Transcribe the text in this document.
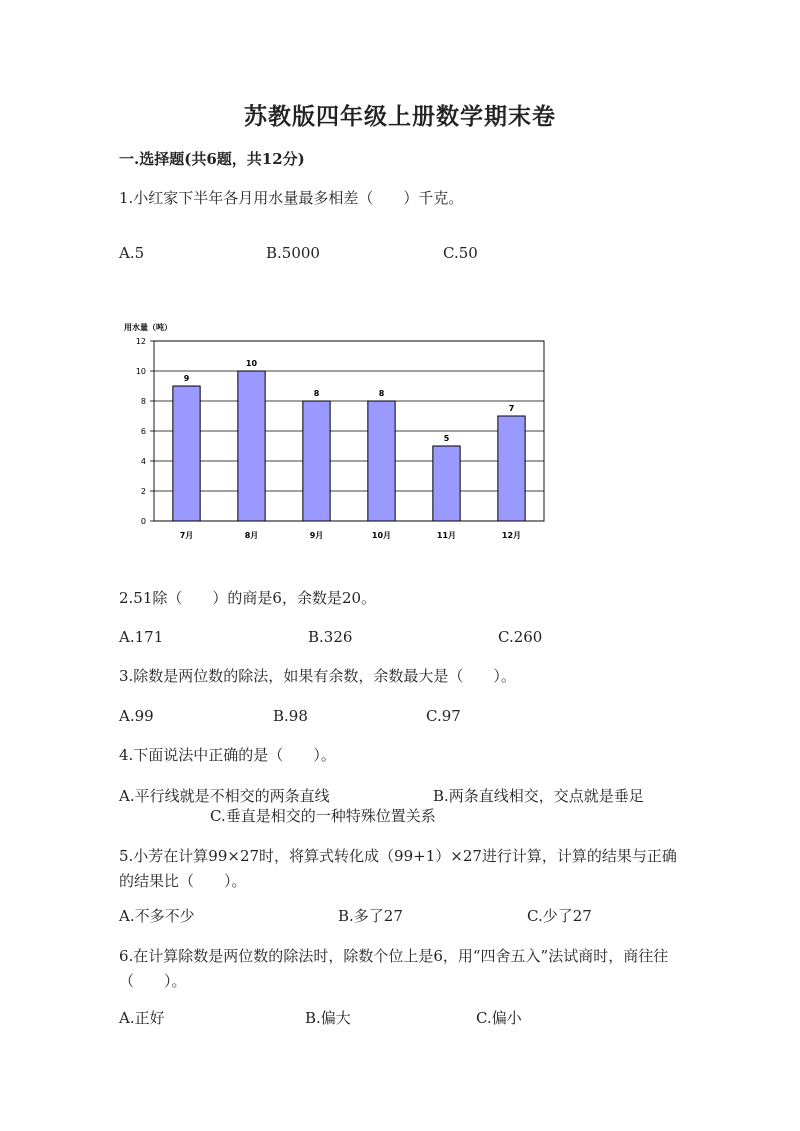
苏教版四年级上册数学期末卷
一.选择题(共6题，共12分)
1.小红家下半年各月用水量最多相差（　　）千克。
A.5	B.5000	C.50
用水量（吨）
0
2
4
6
8
10
12
9
7月
10
8月
8
9月
8
10月
5
11月
7
12月
2.51除（　　）的商是6，余数是20。
A.171	B.326	C.260
3.除数是两位数的除法，如果有余数，余数最大是（　　）。
A.99	B.98	C.97
4.下面说法中正确的是（　　）。
A.平行线就是不相交的两条直线	B.两条直线相交，交点就是垂足
C.垂直是相交的一种特殊位置关系
5.小芳在计算99×27时，将算式转化成（99+1）×27进行计算，计算的结果与正确的结果比（　　）。
A.不多不少	B.多了27	C.少了27
6.在计算除数是两位数的除法时，除数个位上是6，用“四舍五入”法试商时，商往往（　　）。
A.正好	B.偏大	C.偏小
